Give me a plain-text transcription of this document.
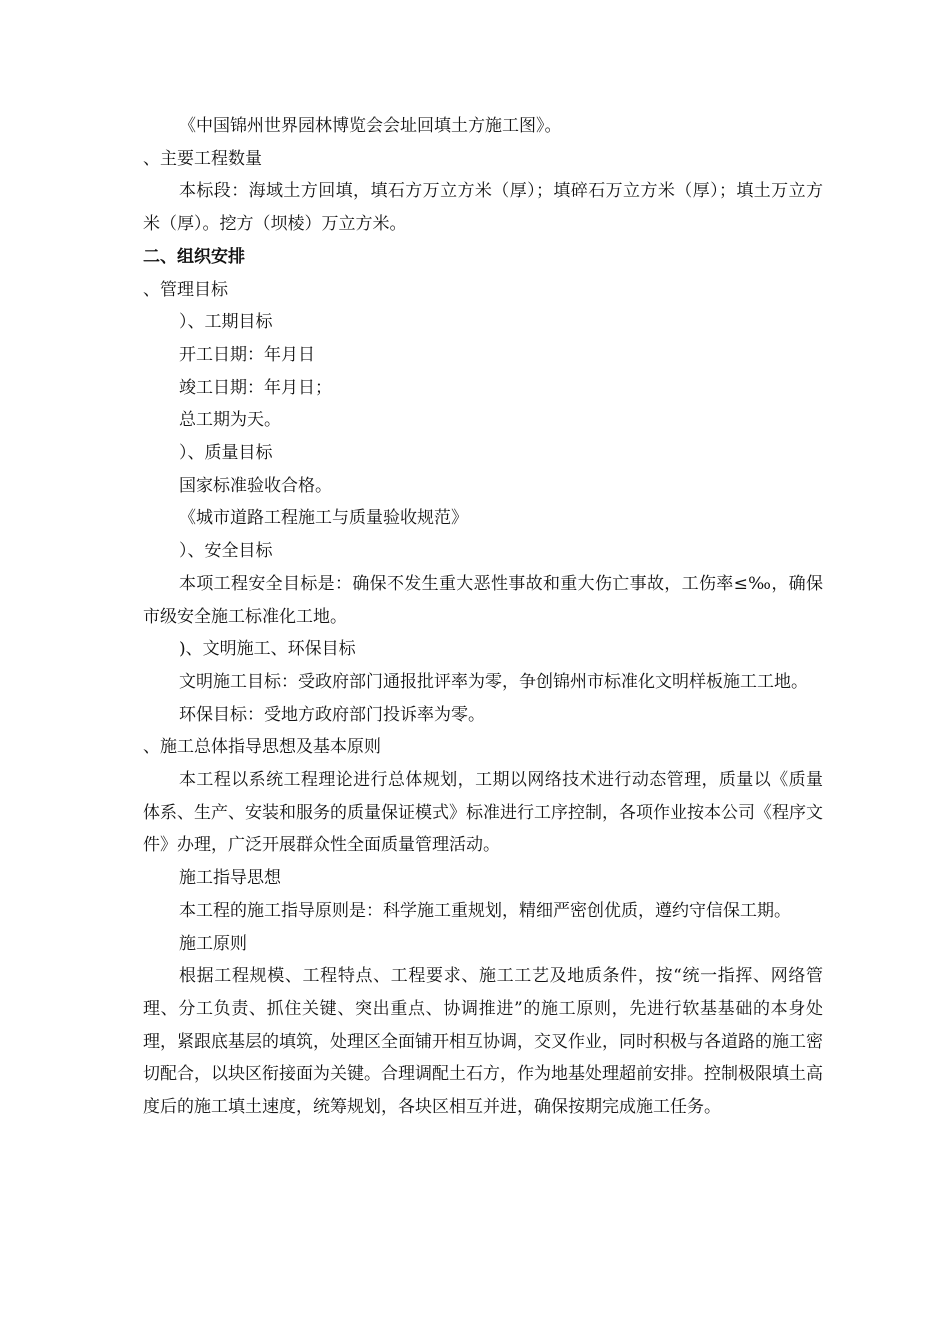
《中国锦州世界园林博览会会址回填土方施工图》。

、主要工程数量

本标段：海域土方回填，填石方万立方米（厚）；填碎石万立方米（厚）；填土万立方米（厚）。挖方（坝棱）万立方米。

二、组织安排

、管理目标

）、工期目标

开工日期：年月日

竣工日期：年月日；

总工期为天。

）、质量目标

国家标准验收合格。

《城市道路工程施工与质量验收规范》

）、安全目标

本项工程安全目标是：确保不发生重大恶性事故和重大伤亡事故，工伤率≤‰，确保市级安全施工标准化工地。

)、文明施工、环保目标

文明施工目标：受政府部门通报批评率为零，争创锦州市标准化文明样板施工工地。

环保目标：受地方政府部门投诉率为零。

、施工总体指导思想及基本原则

本工程以系统工程理论进行总体规划，工期以网络技术进行动态管理，质量以《质量体系、生产、安装和服务的质量保证模式》标准进行工序控制，各项作业按本公司《程序文件》办理，广泛开展群众性全面质量管理活动。

施工指导思想

本工程的施工指导原则是：科学施工重规划，精细严密创优质，遵约守信保工期。

施工原则

根据工程规模、工程特点、工程要求、施工工艺及地质条件，按“统一指挥、网络管理、分工负责、抓住关键、突出重点、协调推进”的施工原则，先进行软基基础的本身处理，紧跟底基层的填筑，处理区全面铺开相互协调，交叉作业，同时积极与各道路的施工密切配合，以块区衔接面为关键。合理调配土石方，作为地基处理超前安排。控制极限填土高度后的施工填土速度，统筹规划，各块区相互并进，确保按期完成施工任务。
